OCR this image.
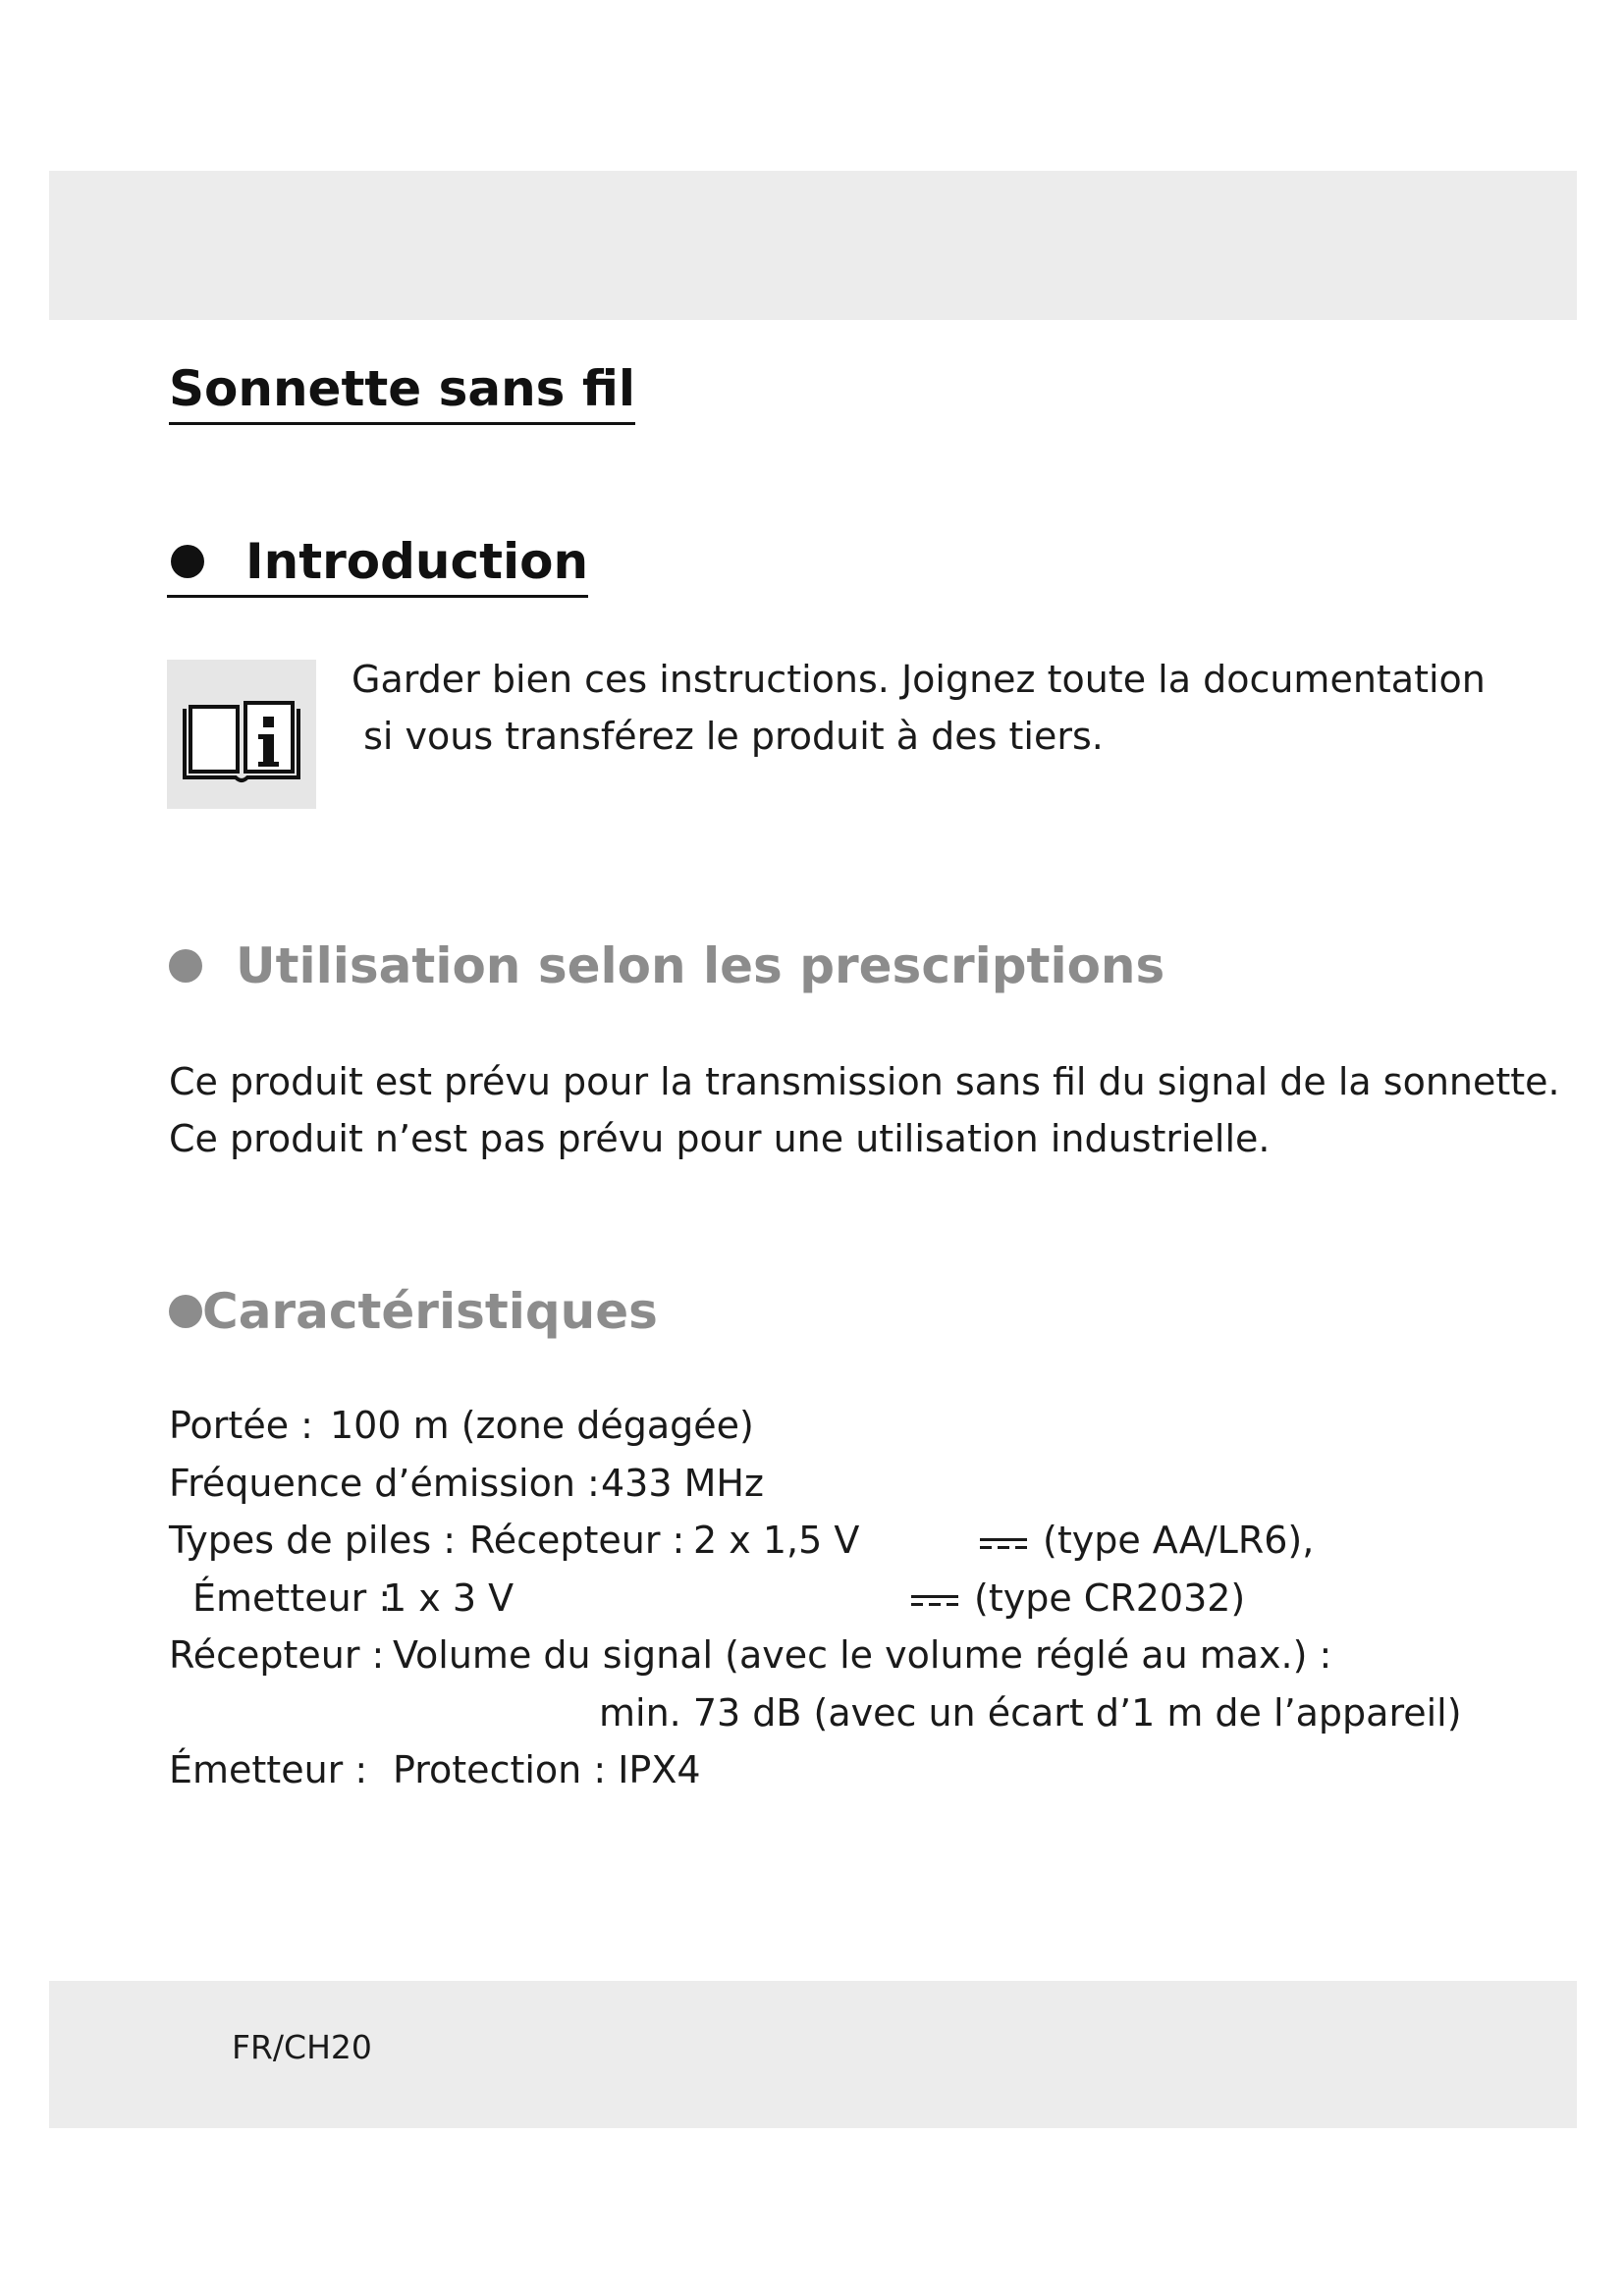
Sonnette sans fil
Introduction
Garder bien ces instructions. Joignez toute la documentation
si vous transférez le produit à des tiers.
Utilisation selon les prescriptions
Ce produit est prévu pour la transmission sans fil du signal de la sonnette.
Ce produit n’est pas prévu pour une utilisation industrielle.
Caractéristiques
Portée : 100 m (zone dégagée)
Fréquence d’émission : 433 MHz
Types de piles : Récepteur : 2 x 1,5 V	(type AA/LR6),
Émetteur :
1 x 3 V	(type CR2032)
Récepteur : Volume du signal (avec le volume réglé au max.) :
min. 73 dB (avec un écart d’1 m de l’appareil)
Émetteur : Protection : IPX4
FR/CH20
